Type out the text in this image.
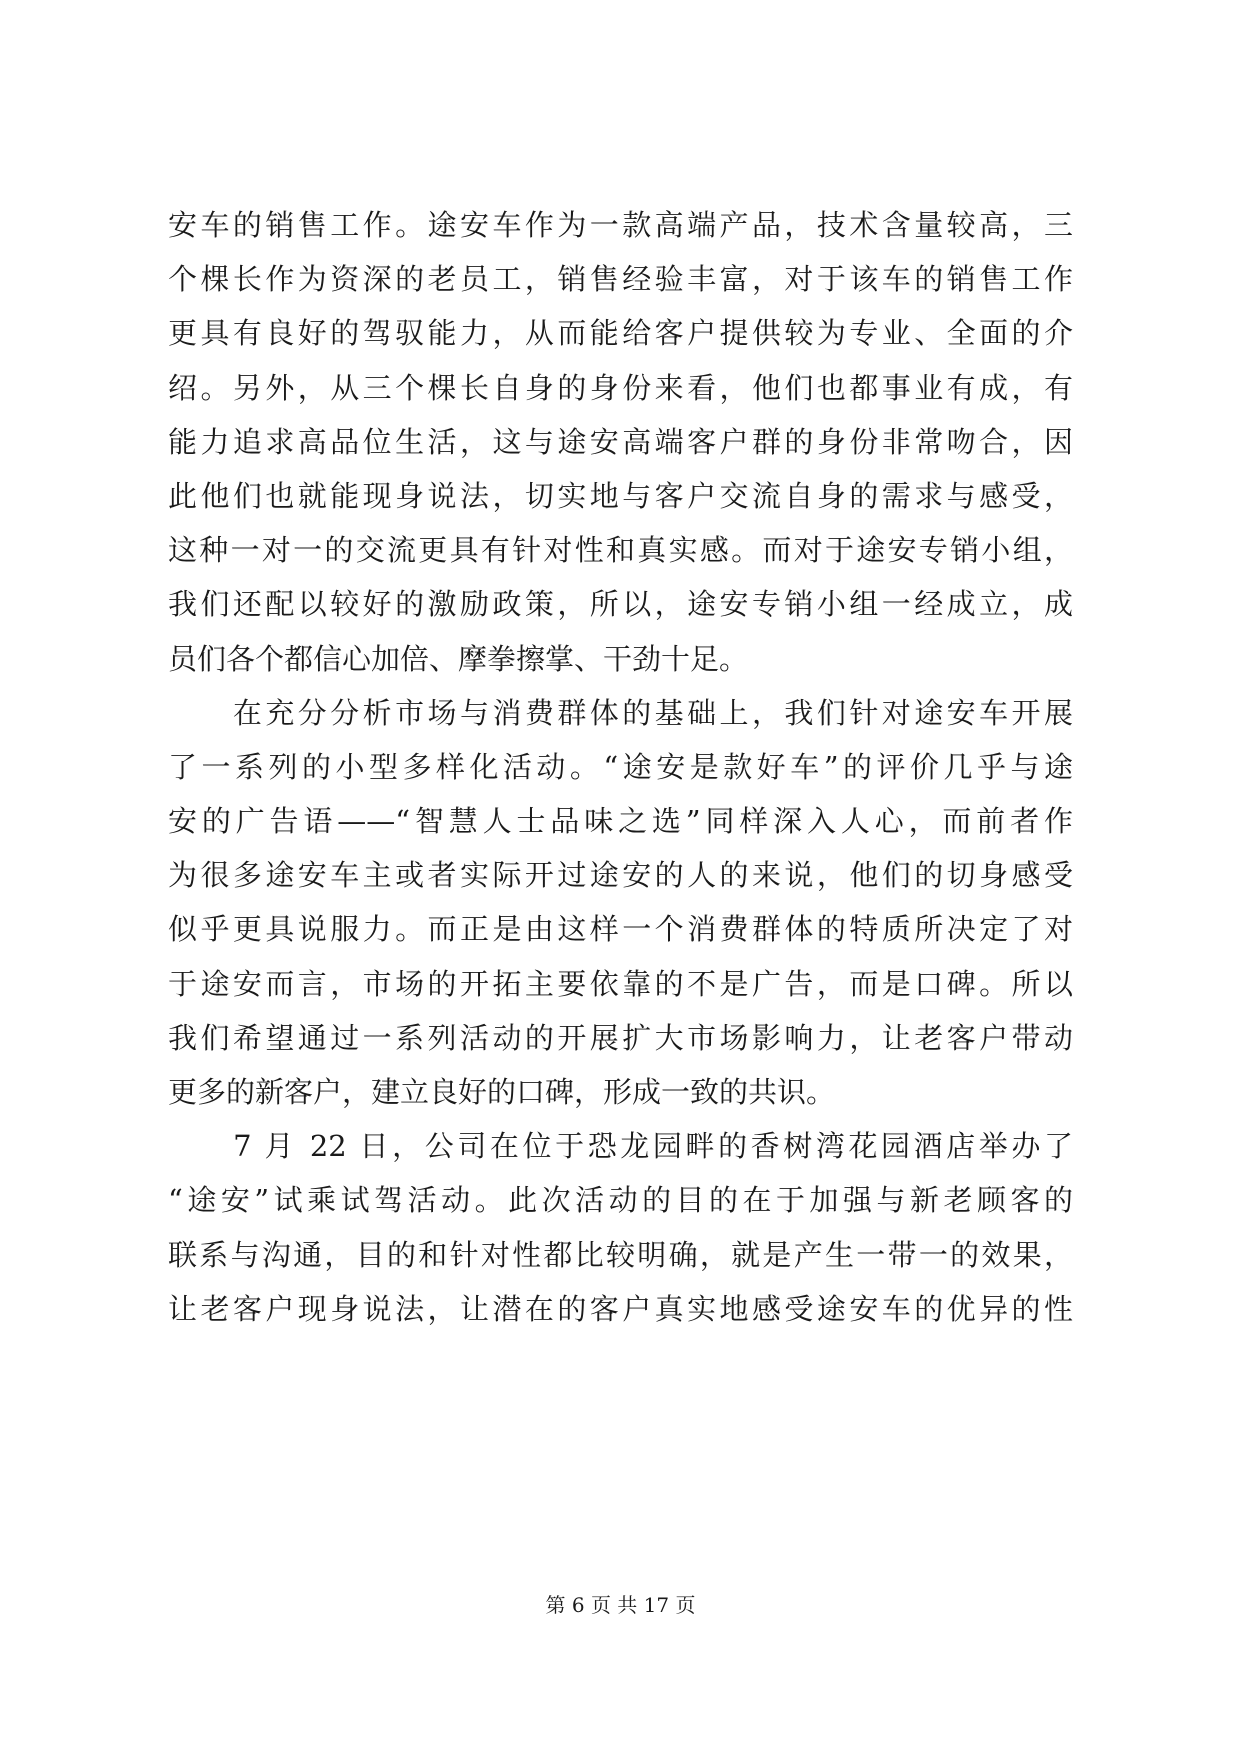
安车的销售工作。途安车作为一款高端产品，技术含量较高，三
个棵长作为资深的老员工，销售经验丰富，对于该车的销售工作
更具有良好的驾驭能力，从而能给客户提供较为专业、全面的介
绍。另外，从三个棵长自身的身份来看，他们也都事业有成，有
能力追求高品位生活，这与途安高端客户群的身份非常吻合，因
此他们也就能现身说法，切实地与客户交流自身的需求与感受，
这种一对一的交流更具有针对性和真实感。而对于途安专销小组，
我们还配以较好的激励政策，所以，途安专销小组一经成立，成
员们各个都信心加倍、摩拳擦掌、干劲十足。
　　在充分分析市场与消费群体的基础上，我们针对途安车开展
了一系列的小型多样化活动。“途安是款好车”的评价几乎与途
安的广告语——“智慧人士品味之选”同样深入人心，而前者作
为很多途安车主或者实际开过途安的人的来说，他们的切身感受
似乎更具说服力。而正是由这样一个消费群体的特质所决定了对
于途安而言，市场的开拓主要依靠的不是广告，而是口碑。所以
我们希望通过一系列活动的开展扩大市场影响力，让老客户带动
更多的新客户，建立良好的口碑，形成一致的共识。
　　7 月 22 日，公司在位于恐龙园畔的香树湾花园酒店举办了
“途安”试乘试驾活动。此次活动的目的在于加强与新老顾客的
联系与沟通，目的和针对性都比较明确，就是产生一带一的效果，
让老客户现身说法，让潜在的客户真实地感受途安车的优异的性
第 6 页 共 17 页
